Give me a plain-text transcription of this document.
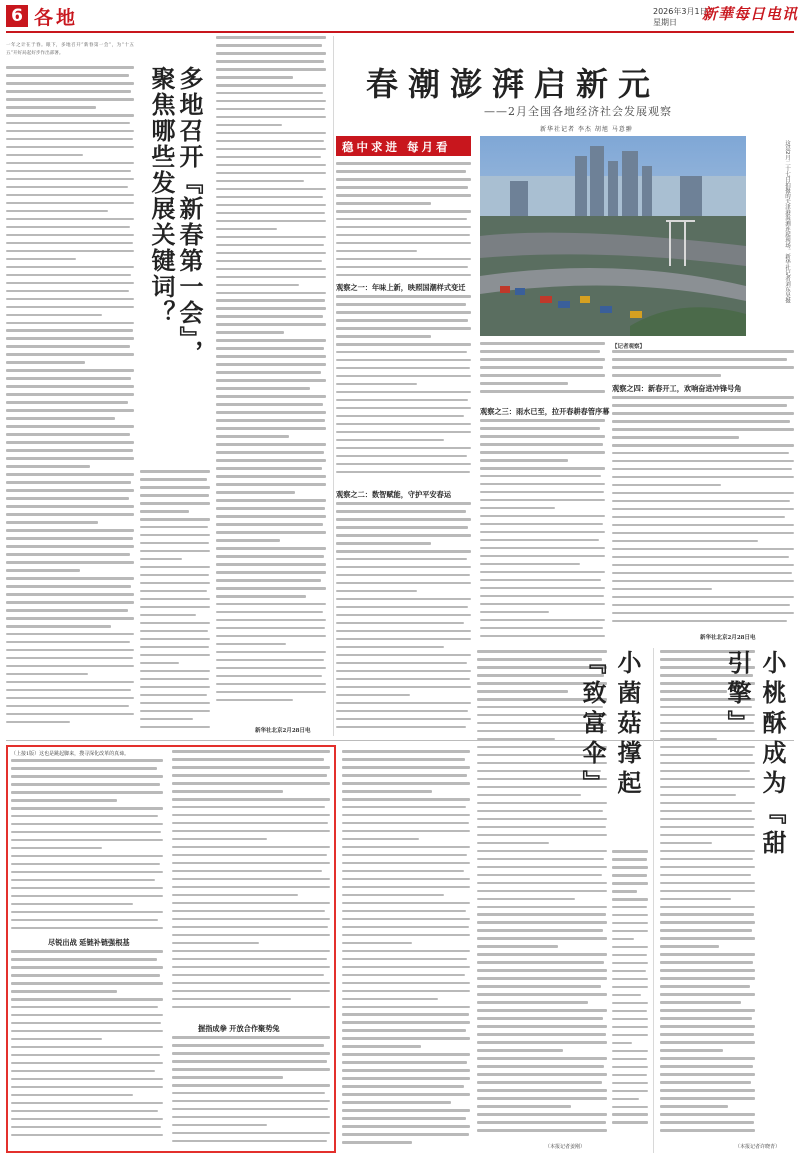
6 各地	2026年3月1日
星期日 新華每日电讯
一年之计在于春。眼下，多地召开“新春第一会”，为“十五五”开好局起好步作出部署。
多地召开『新春第一会』，
聚焦哪些发展关键词？
新华社北京2月28日电
春潮澎湃启新元
——2月全国各地经济社会发展观察
新华社记者 李杰 胡旭 马意翀
稳中求进 每月看	这是2月二十七日拍摄的天津港海测连起现场。新华社记者刘东昊摄
观察之一：年味上新，映照国潮样式变迁
观察之二：数智赋能，守护平安春运
观察之三：雨水已至，拉开春耕春管序幕
【记者观察】
观察之四：新春开工，欢响奋进冲锋号角
新华社北京2月28日电
（上接1版）这也是跳起脚来，搜寻深化改革的真谛。
尽锐出战 延链补链强根基
握指成拳 开放合作聚势兔
小菌菇撑起『致富伞』
（本报记者姜刚）
小桃酥成为『甜引擎』
（本报记者许晓青）
